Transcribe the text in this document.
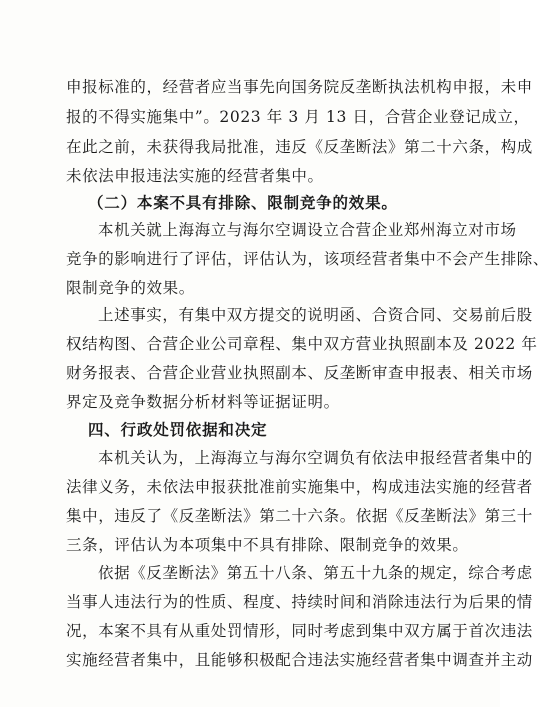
申报标准的，经营者应当事先向国务院反垄断执法机构申报，未申
报的不得实施集中”。2023 年 3 月 13 日，合营企业登记成立，
在此之前，未获得我局批准，违反《反垄断法》第二十六条，构成
未依法申报违法实施的经营者集中。
（二）本案不具有排除、限制竞争的效果。
本机关就上海海立与海尔空调设立合营企业郑州海立对市场
竞争的影响进行了评估，评估认为，该项经营者集中不会产生排除、
限制竞争的效果。
上述事实，有集中双方提交的说明函、合资合同、交易前后股
权结构图、合营企业公司章程、集中双方营业执照副本及 2022 年
财务报表、合营企业营业执照副本、反垄断审查申报表、相关市场
界定及竞争数据分析材料等证据证明。
四、行政处罚依据和决定
本机关认为，上海海立与海尔空调负有依法申报经营者集中的
法律义务，未依法申报获批准前实施集中，构成违法实施的经营者
集中，违反了《反垄断法》第二十六条。依据《反垄断法》第三十
三条，评估认为本项集中不具有排除、限制竞争的效果。
依据《反垄断法》第五十八条、第五十九条的规定，综合考虑
当事人违法行为的性质、程度、持续时间和消除违法行为后果的情
况，本案不具有从重处罚情形，同时考虑到集中双方属于首次违法
实施经营者集中，且能够积极配合违法实施经营者集中调查并主动
